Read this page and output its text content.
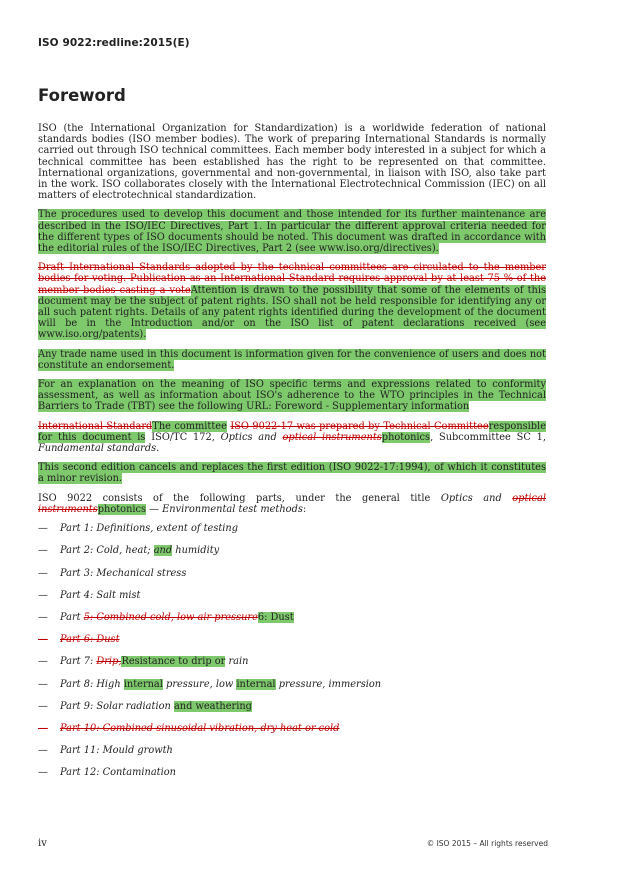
ISO 9022:redline:2015(E)
Foreword

ISO (the International Organization for Standardization) is a worldwide federation of national standards bodies (ISO member bodies). The work of preparing International Standards is normally carried out through ISO technical committees. Each member body interested in a subject for which a technical committee has been established has the right to be represented on that committee. International organizations, governmental and non-governmental, in liaison with ISO, also take part in the work. ISO collaborates closely with the International Electrotechnical Commission (IEC) on all matters of electrotechnical standardization.

The procedures used to develop this document and those intended for its further maintenance are described in the ISO/IEC Directives, Part 1. In particular the different approval criteria needed for the different types of ISO documents should be noted. This document was drafted in accordance with the editorial rules of the ISO/IEC Directives, Part 2 (see www.iso.org/directives).

Draft International Standards adopted by the technical committees are circulated to the member bodies for voting. Publication as an International Standard requires approval by at least 75 % of the member bodies casting a voteAttention is drawn to the possibility that some of the elements of this document may be the subject of patent rights. ISO shall not be held responsible for identifying any or all such patent rights. Details of any patent rights identified during the development of the document will be in the Introduction and/or on the ISO list of patent declarations received (see www.iso.org/patents).

Any trade name used in this document is information given for the convenience of users and does not constitute an endorsement.

For an explanation on the meaning of ISO specific terms and expressions related to conformity assessment, as well as information about ISO's adherence to the WTO principles in the Technical Barriers to Trade (TBT) see the following URL: Foreword - Supplementary information

International StandardThe committee ISO 9022-17 was prepared by Technical Committeeresponsible for this document is ISO/TC 172, Optics and optical instrumentsphotonics, Subcommittee SC 1, Fundamental standards.

This second edition cancels and replaces the first edition (ISO 9022-17:1994), of which it constitutes a minor revision.

ISO 9022 consists of the following parts, under the general title Optics and optical instrumentsphotonics — Environmental test methods:

— Part 1: Definitions, extent of testing
— Part 2: Cold, heat; and humidity
— Part 3: Mechanical stress
— Part 4: Salt mist
— Part 5: Combined cold, low air pressure6: Dust
— Part 6: Dust
— Part 7: Drip,Resistance to drip or rain
— Part 8: High internal pressure, low internal pressure, immersion
— Part 9: Solar radiation and weathering
— Part 10: Combined sinusoidal vibration, dry heat or cold
— Part 11: Mould growth
— Part 12: Contamination
iv	© ISO 2015 – All rights reserved
